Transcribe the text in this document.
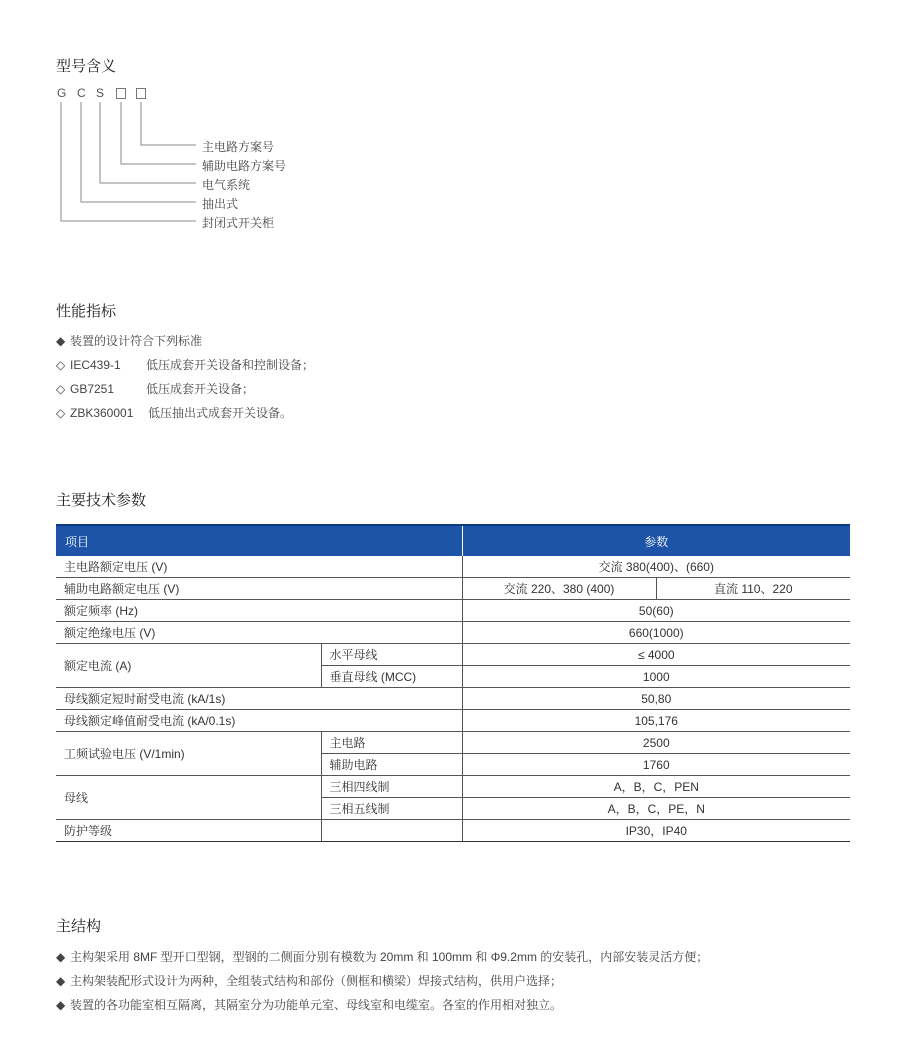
型号含义
G C S
主电路方案号
辅助电路方案号
电气系统
抽出式
封闭式开关柜
性能指标
◆ 装置的设计符合下列标准
◇ IEC439-1 低压成套开关设备和控制设备；
◇ GB7251	低压成套开关设备；
◇ ZBK360001 低压抽出式成套开关设备。
主要技术参数
项目		参数	
主电路额定电压 (V)		交流 380(400)、(660)	
辅助电路额定电压 (V)		交流 220、380 (400)	直流 110、220
额定频率 (Hz)		50(60)	
额定绝缘电压 (V)		660(1000)	
额定电流 (A)	水平母线	≤ 4000	
	垂直母线 (MCC)	1000	
母线额定短时耐受电流 (kA/1s)		50,80	
母线额定峰值耐受电流 (kA/0.1s)		105,176	
工频试验电压 (V/1min)	主电路	2500	
	辅助电路	1760	
母线	三相四线制	A，B，C，PEN	
	三相五线制	A，B，C，PE，N	
防护等级		IP30，IP40	
主结构
◆ 主构架采用 8MF 型开口型钢，型钢的二侧面分别有模数为 20mm 和 100mm 和 Φ9.2mm 的安装孔，内部安装灵活方便；
◆ 主构架装配形式设计为两种，全组装式结构和部份（侧框和横梁）焊接式结构，供用户选择；
◆ 装置的各功能室相互隔离，其隔室分为功能单元室、母线室和电缆室。各室的作用相对独立。
